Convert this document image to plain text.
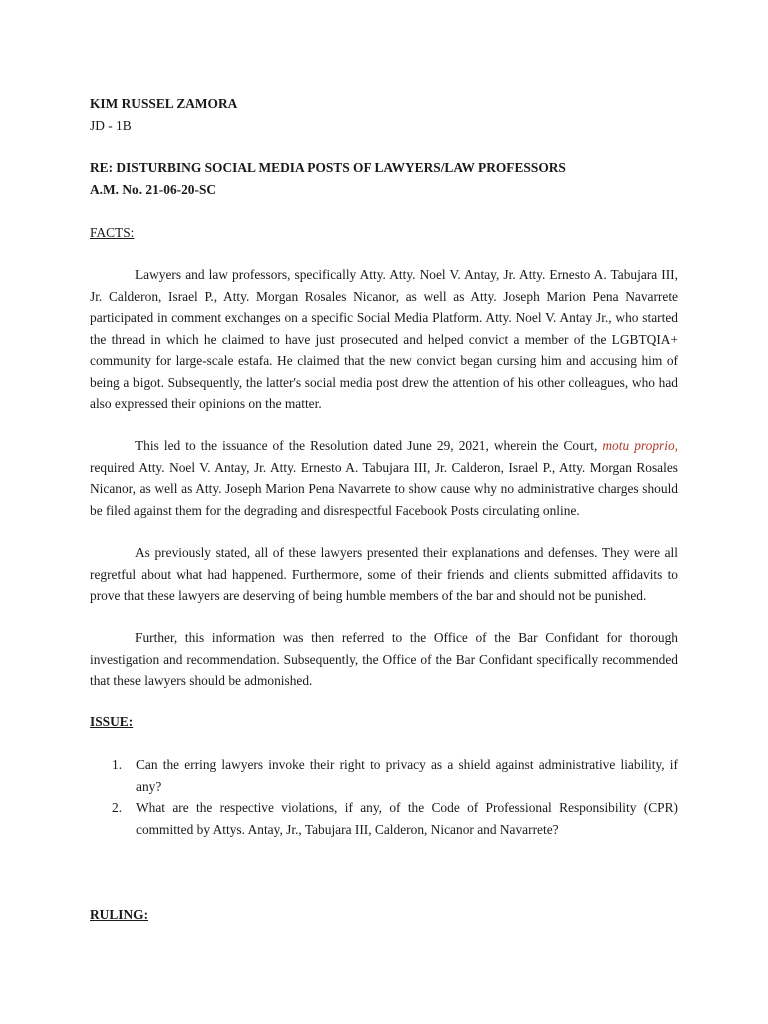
KIM RUSSEL ZAMORA
JD - 1B
RE: DISTURBING SOCIAL MEDIA POSTS OF LAWYERS/LAW PROFESSORS
A.M. No. 21-06-20-SC
FACTS:

Lawyers and law professors, specifically Atty. Atty. Noel V. Antay, Jr. Atty. Ernesto A. Tabujara III, Jr. Calderon, Israel P., Atty. Morgan Rosales Nicanor, as well as Atty. Joseph Marion Pena Navarrete participated in comment exchanges on a specific Social Media Platform. Atty. Noel V. Antay Jr., who started the thread in which he claimed to have just prosecuted and helped convict a member of the LGBTQIA+ community for large-scale estafa. He claimed that the new convict began cursing him and accusing him of being a bigot. Subsequently, the latter's social media post drew the attention of his other colleagues, who had also expressed their opinions on the matter.

This led to the issuance of the Resolution dated June 29, 2021, wherein the Court, motu proprio, required Atty. Noel V. Antay, Jr. Atty. Ernesto A. Tabujara III, Jr. Calderon, Israel P., Atty. Morgan Rosales Nicanor, as well as Atty. Joseph Marion Pena Navarrete to show cause why no administrative charges should be filed against them for the degrading and disrespectful Facebook Posts circulating online.

As previously stated, all of these lawyers presented their explanations and defenses. They were all regretful about what had happened. Furthermore, some of their friends and clients submitted affidavits to prove that these lawyers are deserving of being humble members of the bar and should not be punished.

Further, this information was then referred to the Office of the Bar Confidant for thorough investigation and recommendation. Subsequently, the Office of the Bar Confidant specifically recommended that these lawyers should be admonished.

ISSUE:
1. Can the erring lawyers invoke their right to privacy as a shield against administrative liability, if any?
2. What are the respective violations, if any, of the Code of Professional Responsibility (CPR) committed by Attys. Antay, Jr., Tabujara III, Calderon, Nicanor and Navarrete?
RULING:
